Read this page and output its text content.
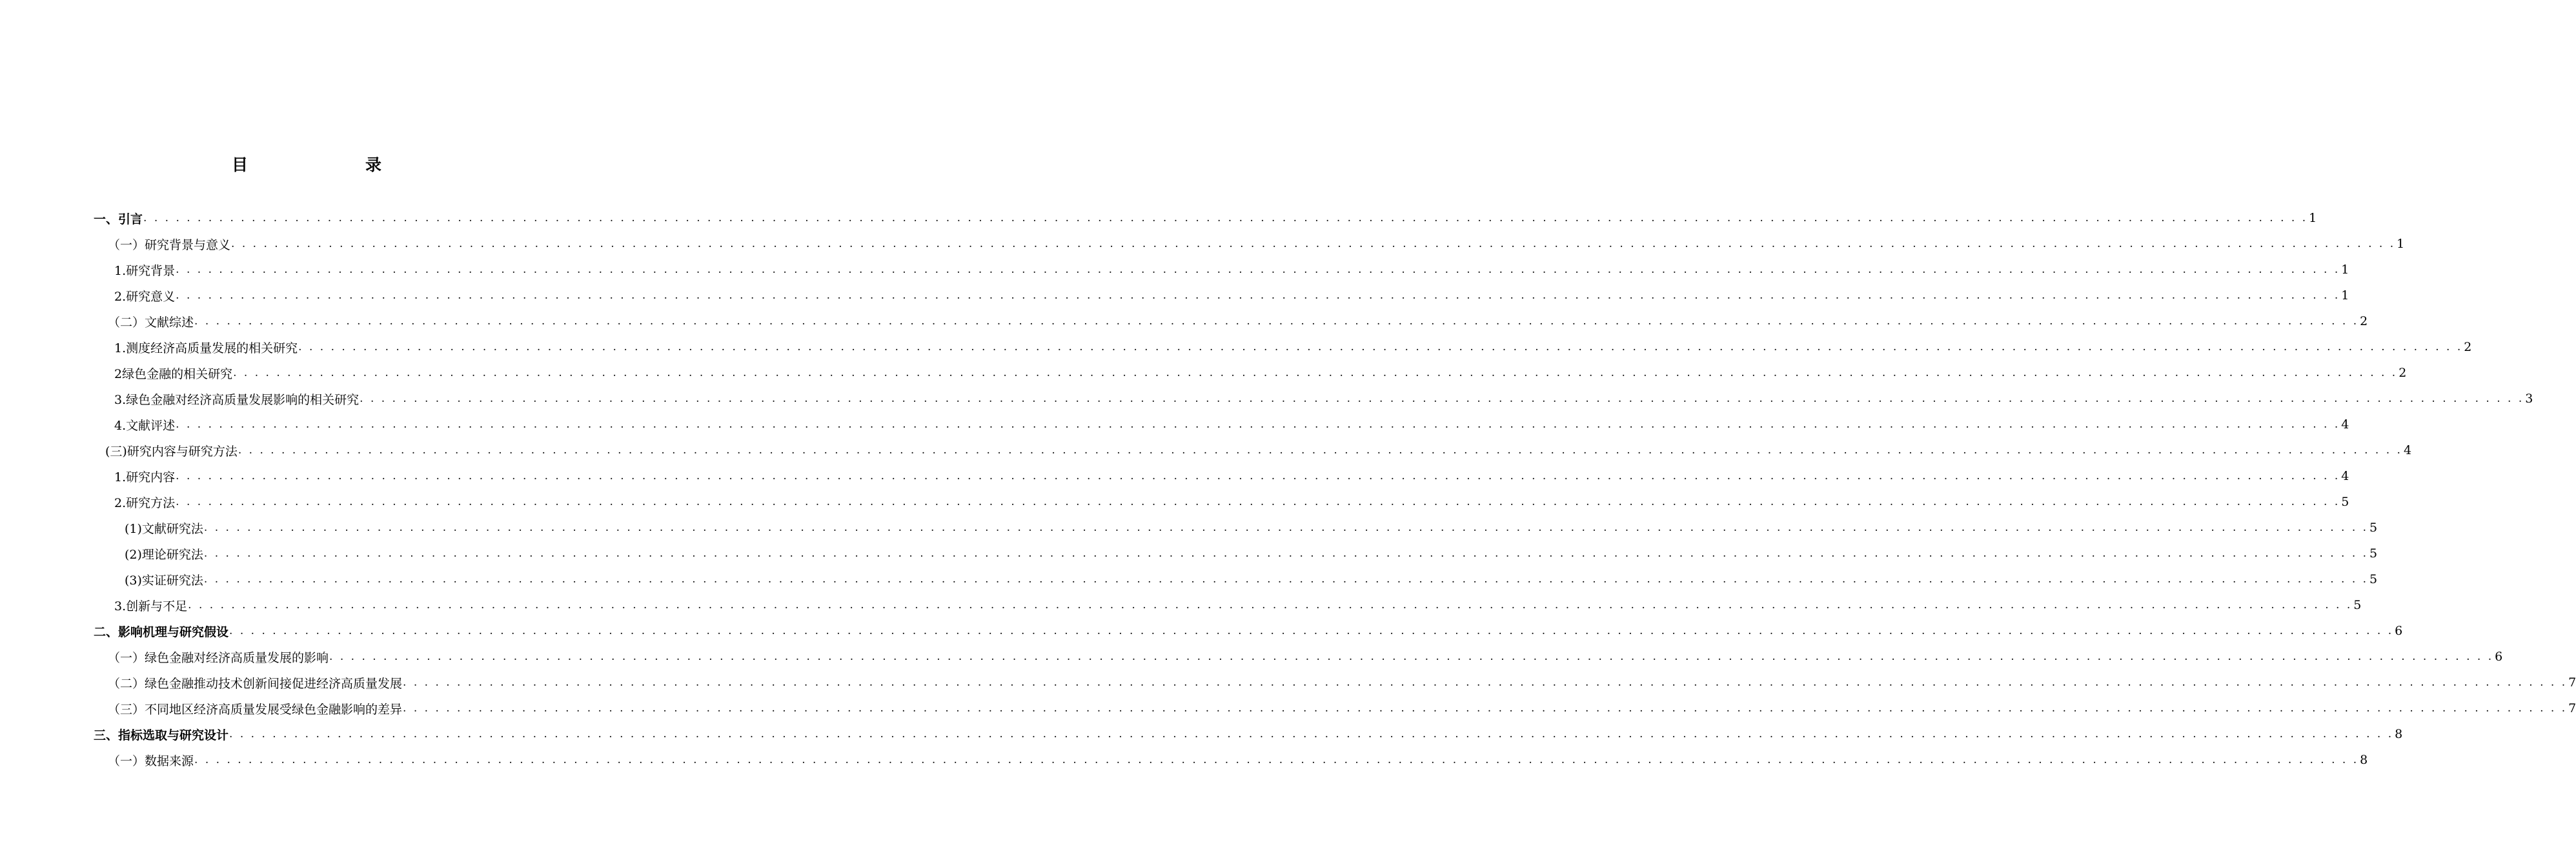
目　　录
一、引言 . . . . . . . . . . . . . . . . . . . . . . . . . . . . . . . . . . . . . . . . . . . . . . . . . . . . . . . . . . . . . . . . . . . . . . . . . . . . . . . . . . . . . . . . . . . . . . . . . . . . . . . . . . . . . . . . . . . . . . . . . . . . . . . . . . . . . . . . . . . . . . . . . . . . . . . . . . . . . . . . . . . . . . . . . . . . . . . . . . . . . . . . . . . . . . . . . . . . . . . . 1
（一）研究背景与意义 . . . . . . . . . . . . . . . . . . . . . . . . . . . . . . . . . . . . . . . . . . . . . . . . . . . . . . . . . . . . . . . . . . . . . . . . . . . . . . . . . . . . . . . . . . . . . . . . . . . . . . . . . . . . . . . . . . . . . . . . . . . . . . . . . . . . . . . . . . . . . . . . . . . . . . . . . . . . . . . . . . . . . . . . . . . . . . . . . . . . . . . . . . . . . . . . . . . . . . . . 1
1.研究背景 . . . . . . . . . . . . . . . . . . . . . . . . . . . . . . . . . . . . . . . . . . . . . . . . . . . . . . . . . . . . . . . . . . . . . . . . . . . . . . . . . . . . . . . . . . . . . . . . . . . . . . . . . . . . . . . . . . . . . . . . . . . . . . . . . . . . . . . . . . . . . . . . . . . . . . . . . . . . . . . . . . . . . . . . . . . . . . . . . . . . . . . . . . . . . . . . . . . . . . . . 1
2.研究意义 . . . . . . . . . . . . . . . . . . . . . . . . . . . . . . . . . . . . . . . . . . . . . . . . . . . . . . . . . . . . . . . . . . . . . . . . . . . . . . . . . . . . . . . . . . . . . . . . . . . . . . . . . . . . . . . . . . . . . . . . . . . . . . . . . . . . . . . . . . . . . . . . . . . . . . . . . . . . . . . . . . . . . . . . . . . . . . . . . . . . . . . . . . . . . . . . . . . . . . . . 1
（二）文献综述 . . . . . . . . . . . . . . . . . . . . . . . . . . . . . . . . . . . . . . . . . . . . . . . . . . . . . . . . . . . . . . . . . . . . . . . . . . . . . . . . . . . . . . . . . . . . . . . . . . . . . . . . . . . . . . . . . . . . . . . . . . . . . . . . . . . . . . . . . . . . . . . . . . . . . . . . . . . . . . . . . . . . . . . . . . . . . . . . . . . . . . . . . . . . . . . . . . . . . . . . 2
1.测度经济高质量发展的相关研究 . . . . . . . . . . . . . . . . . . . . . . . . . . . . . . . . . . . . . . . . . . . . . . . . . . . . . . . . . . . . . . . . . . . . . . . . . . . . . . . . . . . . . . . . . . . . . . . . . . . . . . . . . . . . . . . . . . . . . . . . . . . . . . . . . . . . . . . . . . . . . . . . . . . . . . . . . . . . . . . . . . . . . . . . . . . . . . . . . . . . . . . . . . . . . . . . . . . . . . . . 2
2绿色金融的相关研究 . . . . . . . . . . . . . . . . . . . . . . . . . . . . . . . . . . . . . . . . . . . . . . . . . . . . . . . . . . . . . . . . . . . . . . . . . . . . . . . . . . . . . . . . . . . . . . . . . . . . . . . . . . . . . . . . . . . . . . . . . . . . . . . . . . . . . . . . . . . . . . . . . . . . . . . . . . . . . . . . . . . . . . . . . . . . . . . . . . . . . . . . . . . . . . . . . . . . . . . . 2
3.绿色金融对经济高质量发展影响的相关研究 . . . . . . . . . . . . . . . . . . . . . . . . . . . . . . . . . . . . . . . . . . . . . . . . . . . . . . . . . . . . . . . . . . . . . . . . . . . . . . . . . . . . . . . . . . . . . . . . . . . . . . . . . . . . . . . . . . . . . . . . . . . . . . . . . . . . . . . . . . . . . . . . . . . . . . . . . . . . . . . . . . . . . . . . . . . . . . . . . . . . . . . . . . . . . . . . . . . . . . . . 3
4.文献评述 . . . . . . . . . . . . . . . . . . . . . . . . . . . . . . . . . . . . . . . . . . . . . . . . . . . . . . . . . . . . . . . . . . . . . . . . . . . . . . . . . . . . . . . . . . . . . . . . . . . . . . . . . . . . . . . . . . . . . . . . . . . . . . . . . . . . . . . . . . . . . . . . . . . . . . . . . . . . . . . . . . . . . . . . . . . . . . . . . . . . . . . . . . . . . . . . . . . . . . . . 4
(三)研究内容与研究方法 . . . . . . . . . . . . . . . . . . . . . . . . . . . . . . . . . . . . . . . . . . . . . . . . . . . . . . . . . . . . . . . . . . . . . . . . . . . . . . . . . . . . . . . . . . . . . . . . . . . . . . . . . . . . . . . . . . . . . . . . . . . . . . . . . . . . . . . . . . . . . . . . . . . . . . . . . . . . . . . . . . . . . . . . . . . . . . . . . . . . . . . . . . . . . . . . . . . . . . . . 4
1.研究内容 . . . . . . . . . . . . . . . . . . . . . . . . . . . . . . . . . . . . . . . . . . . . . . . . . . . . . . . . . . . . . . . . . . . . . . . . . . . . . . . . . . . . . . . . . . . . . . . . . . . . . . . . . . . . . . . . . . . . . . . . . . . . . . . . . . . . . . . . . . . . . . . . . . . . . . . . . . . . . . . . . . . . . . . . . . . . . . . . . . . . . . . . . . . . . . . . . . . . . . . . 4
2.研究方法 . . . . . . . . . . . . . . . . . . . . . . . . . . . . . . . . . . . . . . . . . . . . . . . . . . . . . . . . . . . . . . . . . . . . . . . . . . . . . . . . . . . . . . . . . . . . . . . . . . . . . . . . . . . . . . . . . . . . . . . . . . . . . . . . . . . . . . . . . . . . . . . . . . . . . . . . . . . . . . . . . . . . . . . . . . . . . . . . . . . . . . . . . . . . . . . . . . . . . . . . 5
(1)文献研究法 . . . . . . . . . . . . . . . . . . . . . . . . . . . . . . . . . . . . . . . . . . . . . . . . . . . . . . . . . . . . . . . . . . . . . . . . . . . . . . . . . . . . . . . . . . . . . . . . . . . . . . . . . . . . . . . . . . . . . . . . . . . . . . . . . . . . . . . . . . . . . . . . . . . . . . . . . . . . . . . . . . . . . . . . . . . . . . . . . . . . . . . . . . . . . . . . . . . . . . . . 5
(2)理论研究法 . . . . . . . . . . . . . . . . . . . . . . . . . . . . . . . . . . . . . . . . . . . . . . . . . . . . . . . . . . . . . . . . . . . . . . . . . . . . . . . . . . . . . . . . . . . . . . . . . . . . . . . . . . . . . . . . . . . . . . . . . . . . . . . . . . . . . . . . . . . . . . . . . . . . . . . . . . . . . . . . . . . . . . . . . . . . . . . . . . . . . . . . . . . . . . . . . . . . . . . . 5
(3)实证研究法 . . . . . . . . . . . . . . . . . . . . . . . . . . . . . . . . . . . . . . . . . . . . . . . . . . . . . . . . . . . . . . . . . . . . . . . . . . . . . . . . . . . . . . . . . . . . . . . . . . . . . . . . . . . . . . . . . . . . . . . . . . . . . . . . . . . . . . . . . . . . . . . . . . . . . . . . . . . . . . . . . . . . . . . . . . . . . . . . . . . . . . . . . . . . . . . . . . . . . . . . 5
3.创新与不足 . . . . . . . . . . . . . . . . . . . . . . . . . . . . . . . . . . . . . . . . . . . . . . . . . . . . . . . . . . . . . . . . . . . . . . . . . . . . . . . . . . . . . . . . . . . . . . . . . . . . . . . . . . . . . . . . . . . . . . . . . . . . . . . . . . . . . . . . . . . . . . . . . . . . . . . . . . . . . . . . . . . . . . . . . . . . . . . . . . . . . . . . . . . . . . . . . . . . . . . . 5
二、影响机理与研究假设 . . . . . . . . . . . . . . . . . . . . . . . . . . . . . . . . . . . . . . . . . . . . . . . . . . . . . . . . . . . . . . . . . . . . . . . . . . . . . . . . . . . . . . . . . . . . . . . . . . . . . . . . . . . . . . . . . . . . . . . . . . . . . . . . . . . . . . . . . . . . . . . . . . . . . . . . . . . . . . . . . . . . . . . . . . . . . . . . . . . . . . . . . . . . . . . . . . . . . . . . 6
（一）绿色金融对经济高质量发展的影响 . . . . . . . . . . . . . . . . . . . . . . . . . . . . . . . . . . . . . . . . . . . . . . . . . . . . . . . . . . . . . . . . . . . . . . . . . . . . . . . . . . . . . . . . . . . . . . . . . . . . . . . . . . . . . . . . . . . . . . . . . . . . . . . . . . . . . . . . . . . . . . . . . . . . . . . . . . . . . . . . . . . . . . . . . . . . . . . . . . . . . . . . . . . . . . . . . . . . . . . . 6
（二）绿色金融推动技术创新间接促进经济高质量发展 . . . . . . . . . . . . . . . . . . . . . . . . . . . . . . . . . . . . . . . . . . . . . . . . . . . . . . . . . . . . . . . . . . . . . . . . . . . . . . . . . . . . . . . . . . . . . . . . . . . . . . . . . . . . . . . . . . . . . . . . . . . . . . . . . . . . . . . . . . . . . . . . . . . . . . . . . . . . . . . . . . . . . . . . . . . . . . . . . . . . . . . . . . . . . . . . . . . . . . . . 7
（三）不同地区经济高质量发展受绿色金融影响的差异 . . . . . . . . . . . . . . . . . . . . . . . . . . . . . . . . . . . . . . . . . . . . . . . . . . . . . . . . . . . . . . . . . . . . . . . . . . . . . . . . . . . . . . . . . . . . . . . . . . . . . . . . . . . . . . . . . . . . . . . . . . . . . . . . . . . . . . . . . . . . . . . . . . . . . . . . . . . . . . . . . . . . . . . . . . . . . . . . . . . . . . . . . . . . . . . . . . . . . . . . 7
三、指标选取与研究设计 . . . . . . . . . . . . . . . . . . . . . . . . . . . . . . . . . . . . . . . . . . . . . . . . . . . . . . . . . . . . . . . . . . . . . . . . . . . . . . . . . . . . . . . . . . . . . . . . . . . . . . . . . . . . . . . . . . . . . . . . . . . . . . . . . . . . . . . . . . . . . . . . . . . . . . . . . . . . . . . . . . . . . . . . . . . . . . . . . . . . . . . . . . . . . . . . . . . . . . . . 8
（一）数据来源 . . . . . . . . . . . . . . . . . . . . . . . . . . . . . . . . . . . . . . . . . . . . . . . . . . . . . . . . . . . . . . . . . . . . . . . . . . . . . . . . . . . . . . . . . . . . . . . . . . . . . . . . . . . . . . . . . . . . . . . . . . . . . . . . . . . . . . . . . . . . . . . . . . . . . . . . . . . . . . . . . . . . . . . . . . . . . . . . . . . . . . . . . . . . . . . . . . . . . . . . 8
